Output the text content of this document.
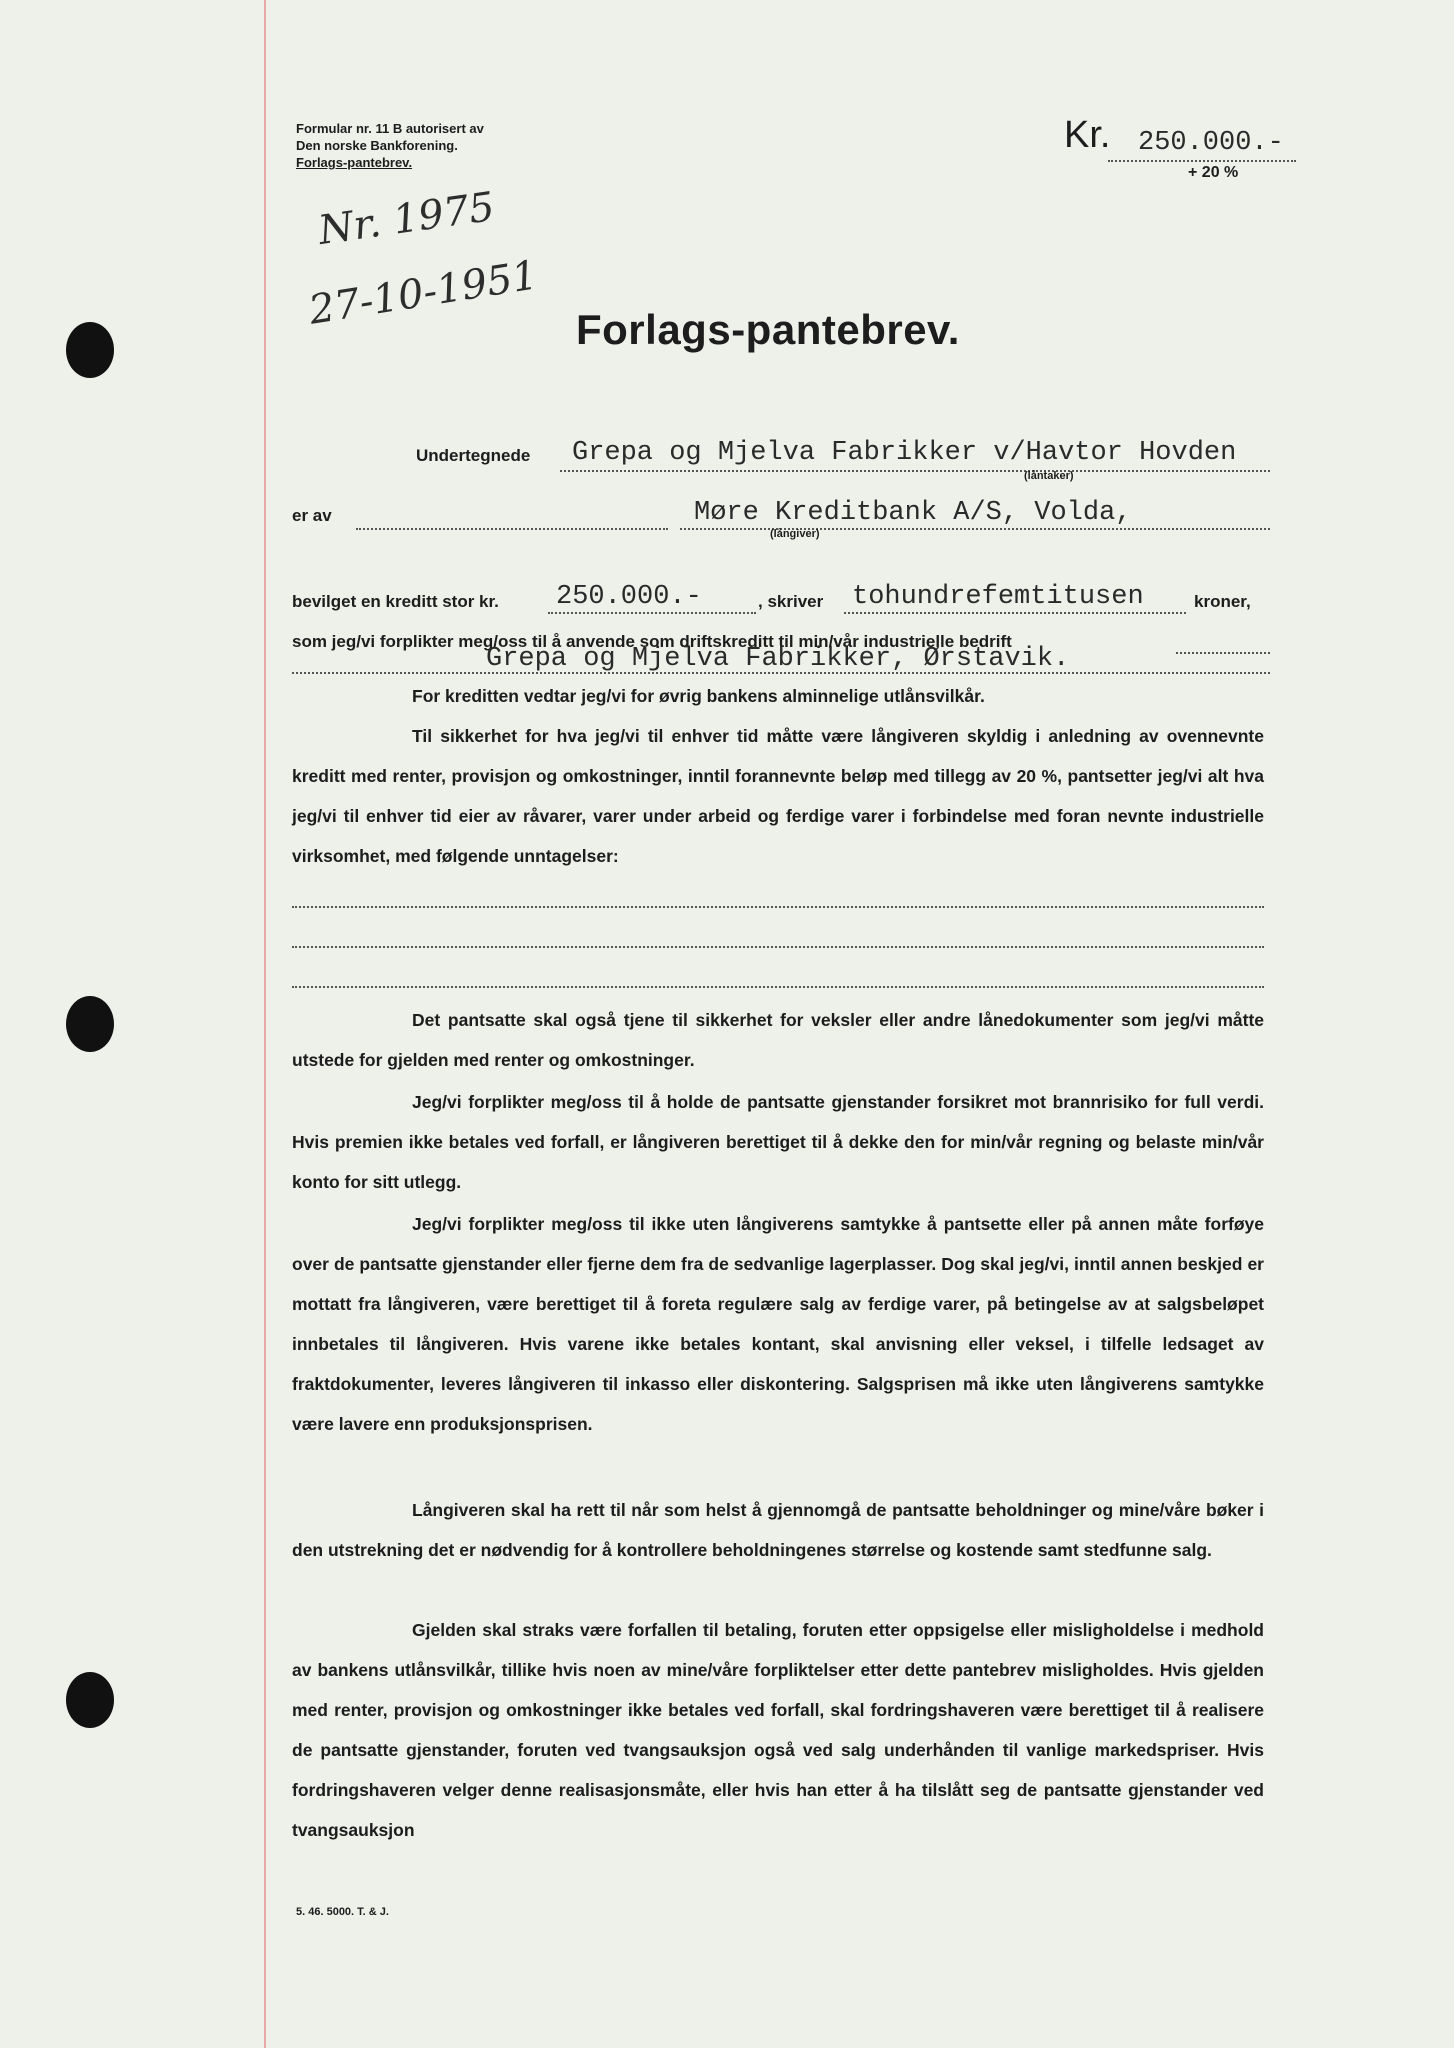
Formular nr. 11 B autorisert av
Den norske Bankforening.
Forlags-pantebrev.
Kr. 250.000.-
+ 20 %
Nr. 1975
27-10-1951 Forlags-pantebrev.
Undertegnede Grepa og Mjelva Fabrikker v/Havtor Hovden
(låntaker)
er av	Møre Kreditbank A/S, Volda,
(långiver)
bevilget en kreditt stor kr. 250.000.-	, skriver tohundrefemtitusen	kroner,
som jeg/vi forplikter meg/oss til å anvende som driftskreditt til min/vår industrielle bedrift
Grepa og Mjelva Fabrikker, Ørstavik.

For kreditten vedtar jeg/vi for øvrig bankens alminnelige utlånsvilkår.

Til sikkerhet for hva jeg/vi til enhver tid måtte være långiveren skyldig i anledning av ovennevnte kreditt med renter, provisjon og omkostninger, inntil forannevnte beløp med tillegg av 20 %, pantsetter jeg/vi alt hva jeg/vi til enhver tid eier av råvarer, varer under arbeid og ferdige varer i forbindelse med foran nevnte industrielle virksomhet, med følgende unntagelser:

Det pantsatte skal også tjene til sikkerhet for veksler eller andre lånedokumenter som jeg/vi måtte utstede for gjelden med renter og omkostninger.

Jeg/vi forplikter meg/oss til å holde de pantsatte gjenstander forsikret mot brannrisiko for full verdi. Hvis premien ikke betales ved forfall, er långiveren berettiget til å dekke den for min/vår regning og belaste min/vår konto for sitt utlegg.

Jeg/vi forplikter meg/oss til ikke uten långiverens samtykke å pantsette eller på annen måte forføye over de pantsatte gjenstander eller fjerne dem fra de sedvanlige lagerplasser. Dog skal jeg/vi, inntil annen beskjed er mottatt fra långiveren, være berettiget til å foreta regulære salg av ferdige varer, på betingelse av at salgsbeløpet innbetales til långiveren. Hvis varene ikke betales kontant, skal anvisning eller veksel, i tilfelle ledsaget av fraktdokumenter, leveres långiveren til inkasso eller diskontering. Salgsprisen må ikke uten långiverens samtykke være lavere enn produksjonsprisen.

Långiveren skal ha rett til når som helst å gjennomgå de pantsatte beholdninger og mine/våre bøker i den utstrekning det er nødvendig for å kontrollere beholdningenes størrelse og kostende samt stedfunne salg.

Gjelden skal straks være forfallen til betaling, foruten etter oppsigelse eller misligholdelse i medhold av bankens utlånsvilkår, tillike hvis noen av mine/våre forpliktelser etter dette pantebrev misligholdes. Hvis gjelden med renter, provisjon og omkostninger ikke betales ved forfall, skal fordringshaveren være berettiget til å realisere de pantsatte gjenstander, foruten ved tvangsauksjon også ved salg underhånden til vanlige markedspriser. Hvis fordringshaveren velger denne realisasjonsmåte, eller hvis han etter å ha tilslått seg de pantsatte gjenstander ved tvangsauksjon

5. 46. 5000. T. & J.
